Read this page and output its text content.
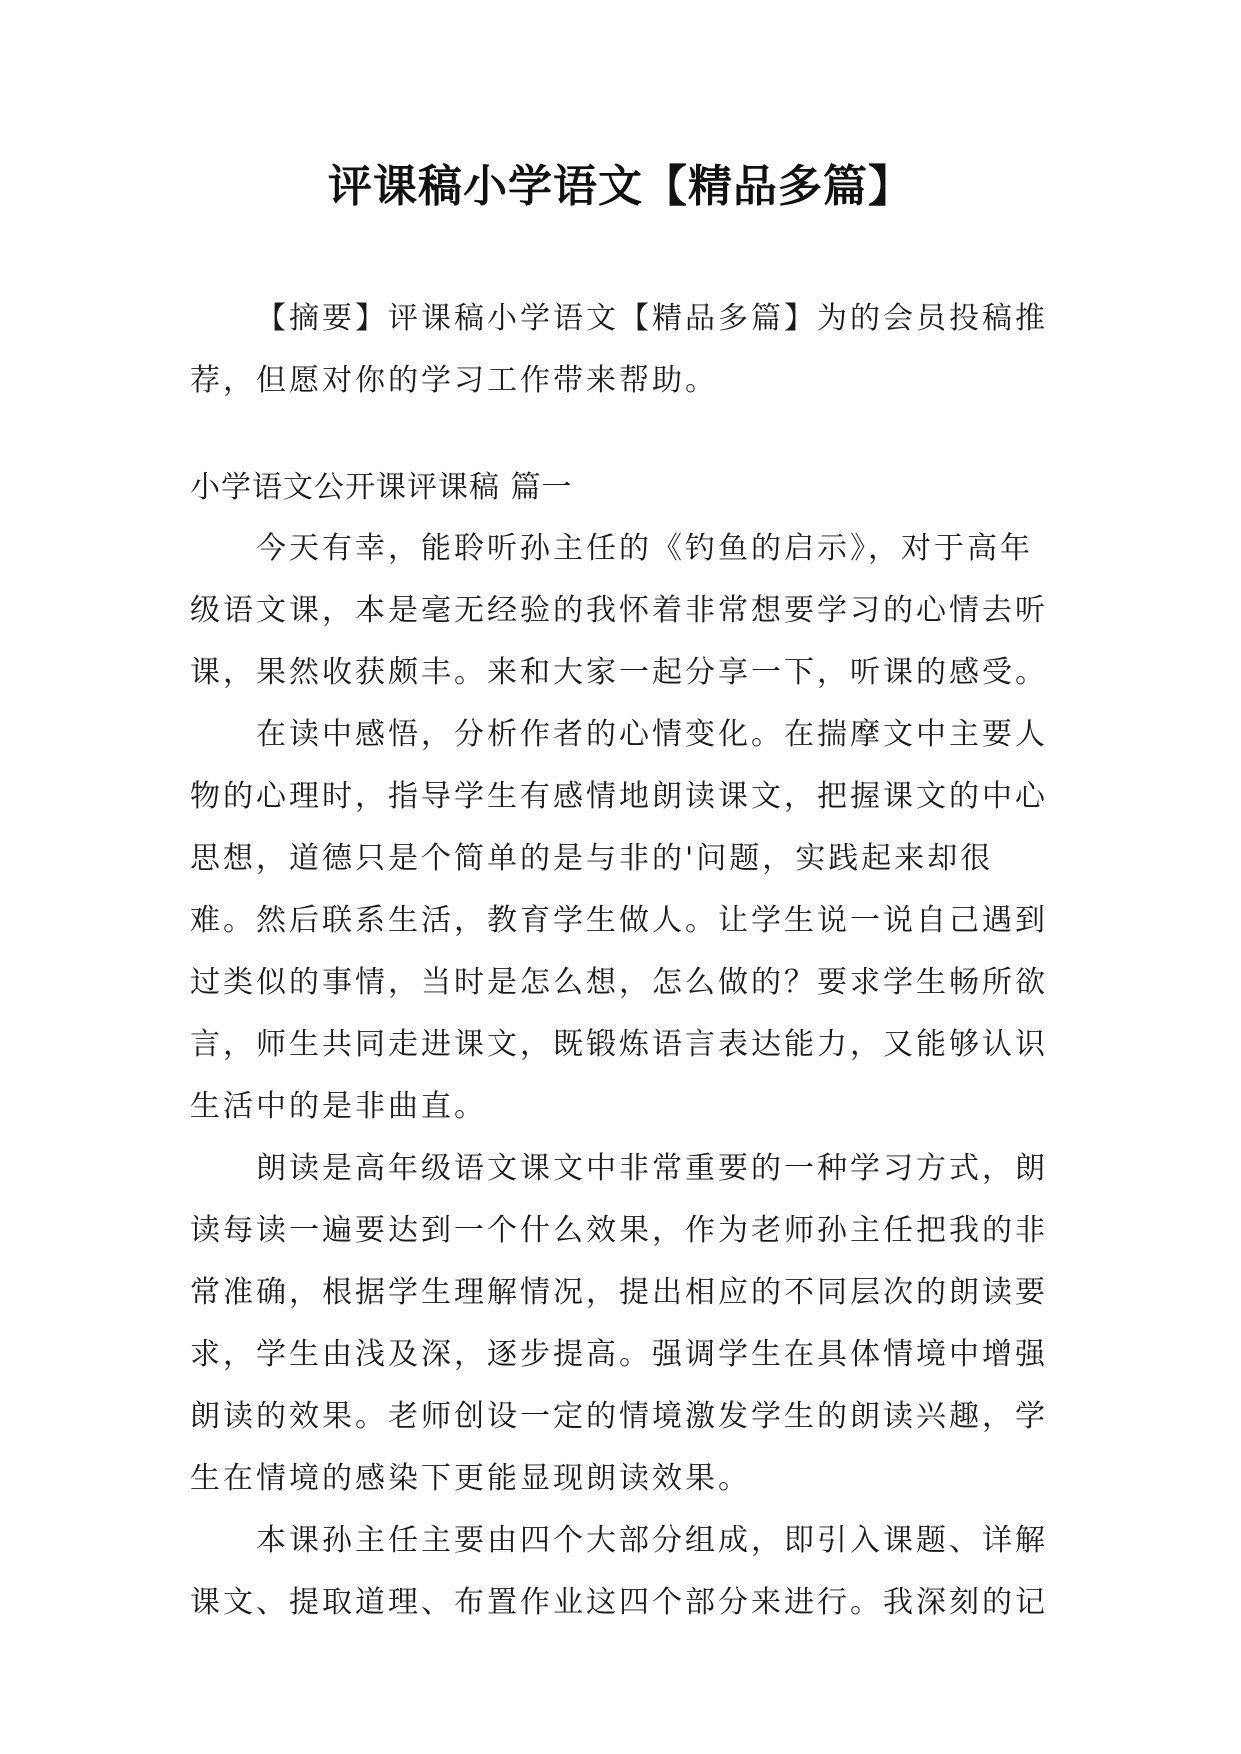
评课稿小学语文【精品多篇】

【摘要】评课稿小学语文【精品多篇】为的会员投稿推荐，但愿对你的学习工作带来帮助。

小学语文公开课评课稿 篇一

今天有幸，能聆听孙主任的《钓鱼的启示》，对于高年级语文课，本是毫无经验的我怀着非常想要学习的心情去听课，果然收获颇丰。来和大家一起分享一下，听课的感受。

在读中感悟，分析作者的心情变化。在揣摩文中主要人物的心理时，指导学生有感情地朗读课文，把握课文的中心思想，道德只是个简单的是与非的'问题，实践起来却很难。然后联系生活，教育学生做人。让学生说一说自己遇到过类似的事情，当时是怎么想，怎么做的？要求学生畅所欲言，师生共同走进课文，既锻炼语言表达能力，又能够认识生活中的是非曲直。

朗读是高年级语文课文中非常重要的一种学习方式，朗读每读一遍要达到一个什么效果，作为老师孙主任把我的非常准确，根据学生理解情况，提出相应的不同层次的朗读要求，学生由浅及深，逐步提高。强调学生在具体情境中增强朗读的效果。老师创设一定的情境激发学生的朗读兴趣，学生在情境的感染下更能显现朗读效果。

本课孙主任主要由四个大部分组成，即引入课题、详解课文、提取道理、布置作业这四个部分来进行。我深刻的记
